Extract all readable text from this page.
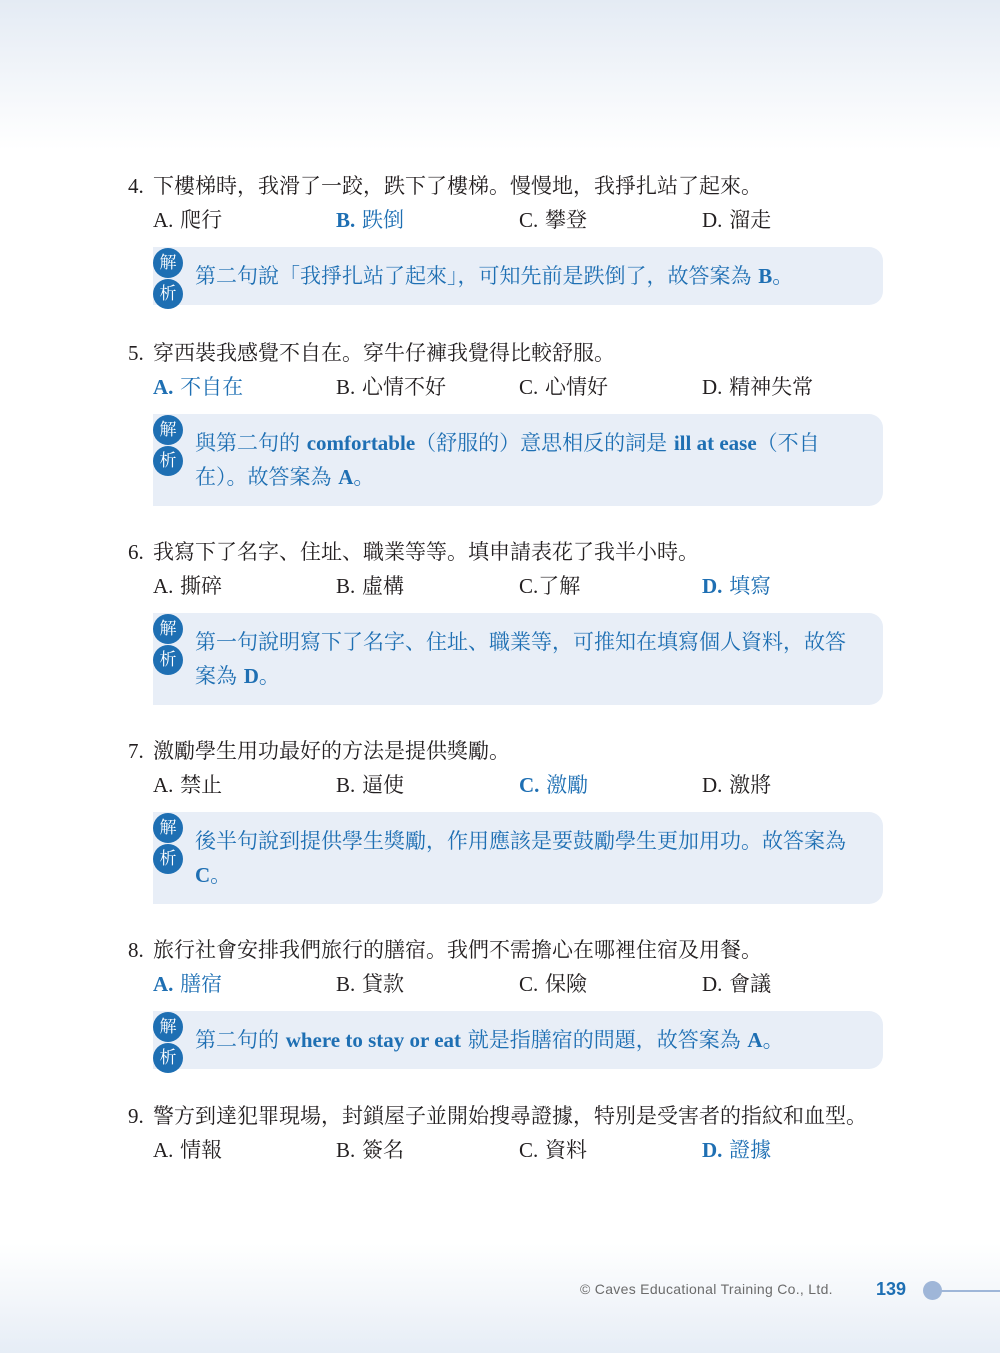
4. 下樓梯時，我滑了一跤，跌下了樓梯。慢慢地，我掙扎站了起來。
A. 爬行	B. 跌倒	C. 攀登	D. 溜走
解
析
第二句說「我掙扎站了起來」，可知先前是跌倒了，故答案為 B。
5. 穿西裝我感覺不自在。穿牛仔褲我覺得比較舒服。
A. 不自在	B. 心情不好	C. 心情好	D. 精神失常
解
析
與第二句的 comfortable（舒服的）意思相反的詞是 ill at ease（不自在）。故答案為 A。
6. 我寫下了名字、住址、職業等等。填申請表花了我半小時。
A. 撕碎	B. 虛構	C.了解	D. 填寫
解
析
第一句說明寫下了名字、住址、職業等，可推知在填寫個人資料，故答案為 D。
7. 激勵學生用功最好的方法是提供獎勵。
A. 禁止	B. 逼使	C. 激勵	D. 激將
解
析
後半句說到提供學生獎勵，作用應該是要鼓勵學生更加用功。故答案為 C。
8. 旅行社會安排我們旅行的膳宿。我們不需擔心在哪裡住宿及用餐。
A. 膳宿	B. 貸款	C. 保險	D. 會議
解
析
第二句的 where to stay or eat 就是指膳宿的問題，故答案為 A。
9. 警方到達犯罪現場，封鎖屋子並開始搜尋證據，特別是受害者的指紋和血型。
A. 情報	B. 簽名	C. 資料	D. 證據
© Caves Educational Training Co., Ltd. 139
